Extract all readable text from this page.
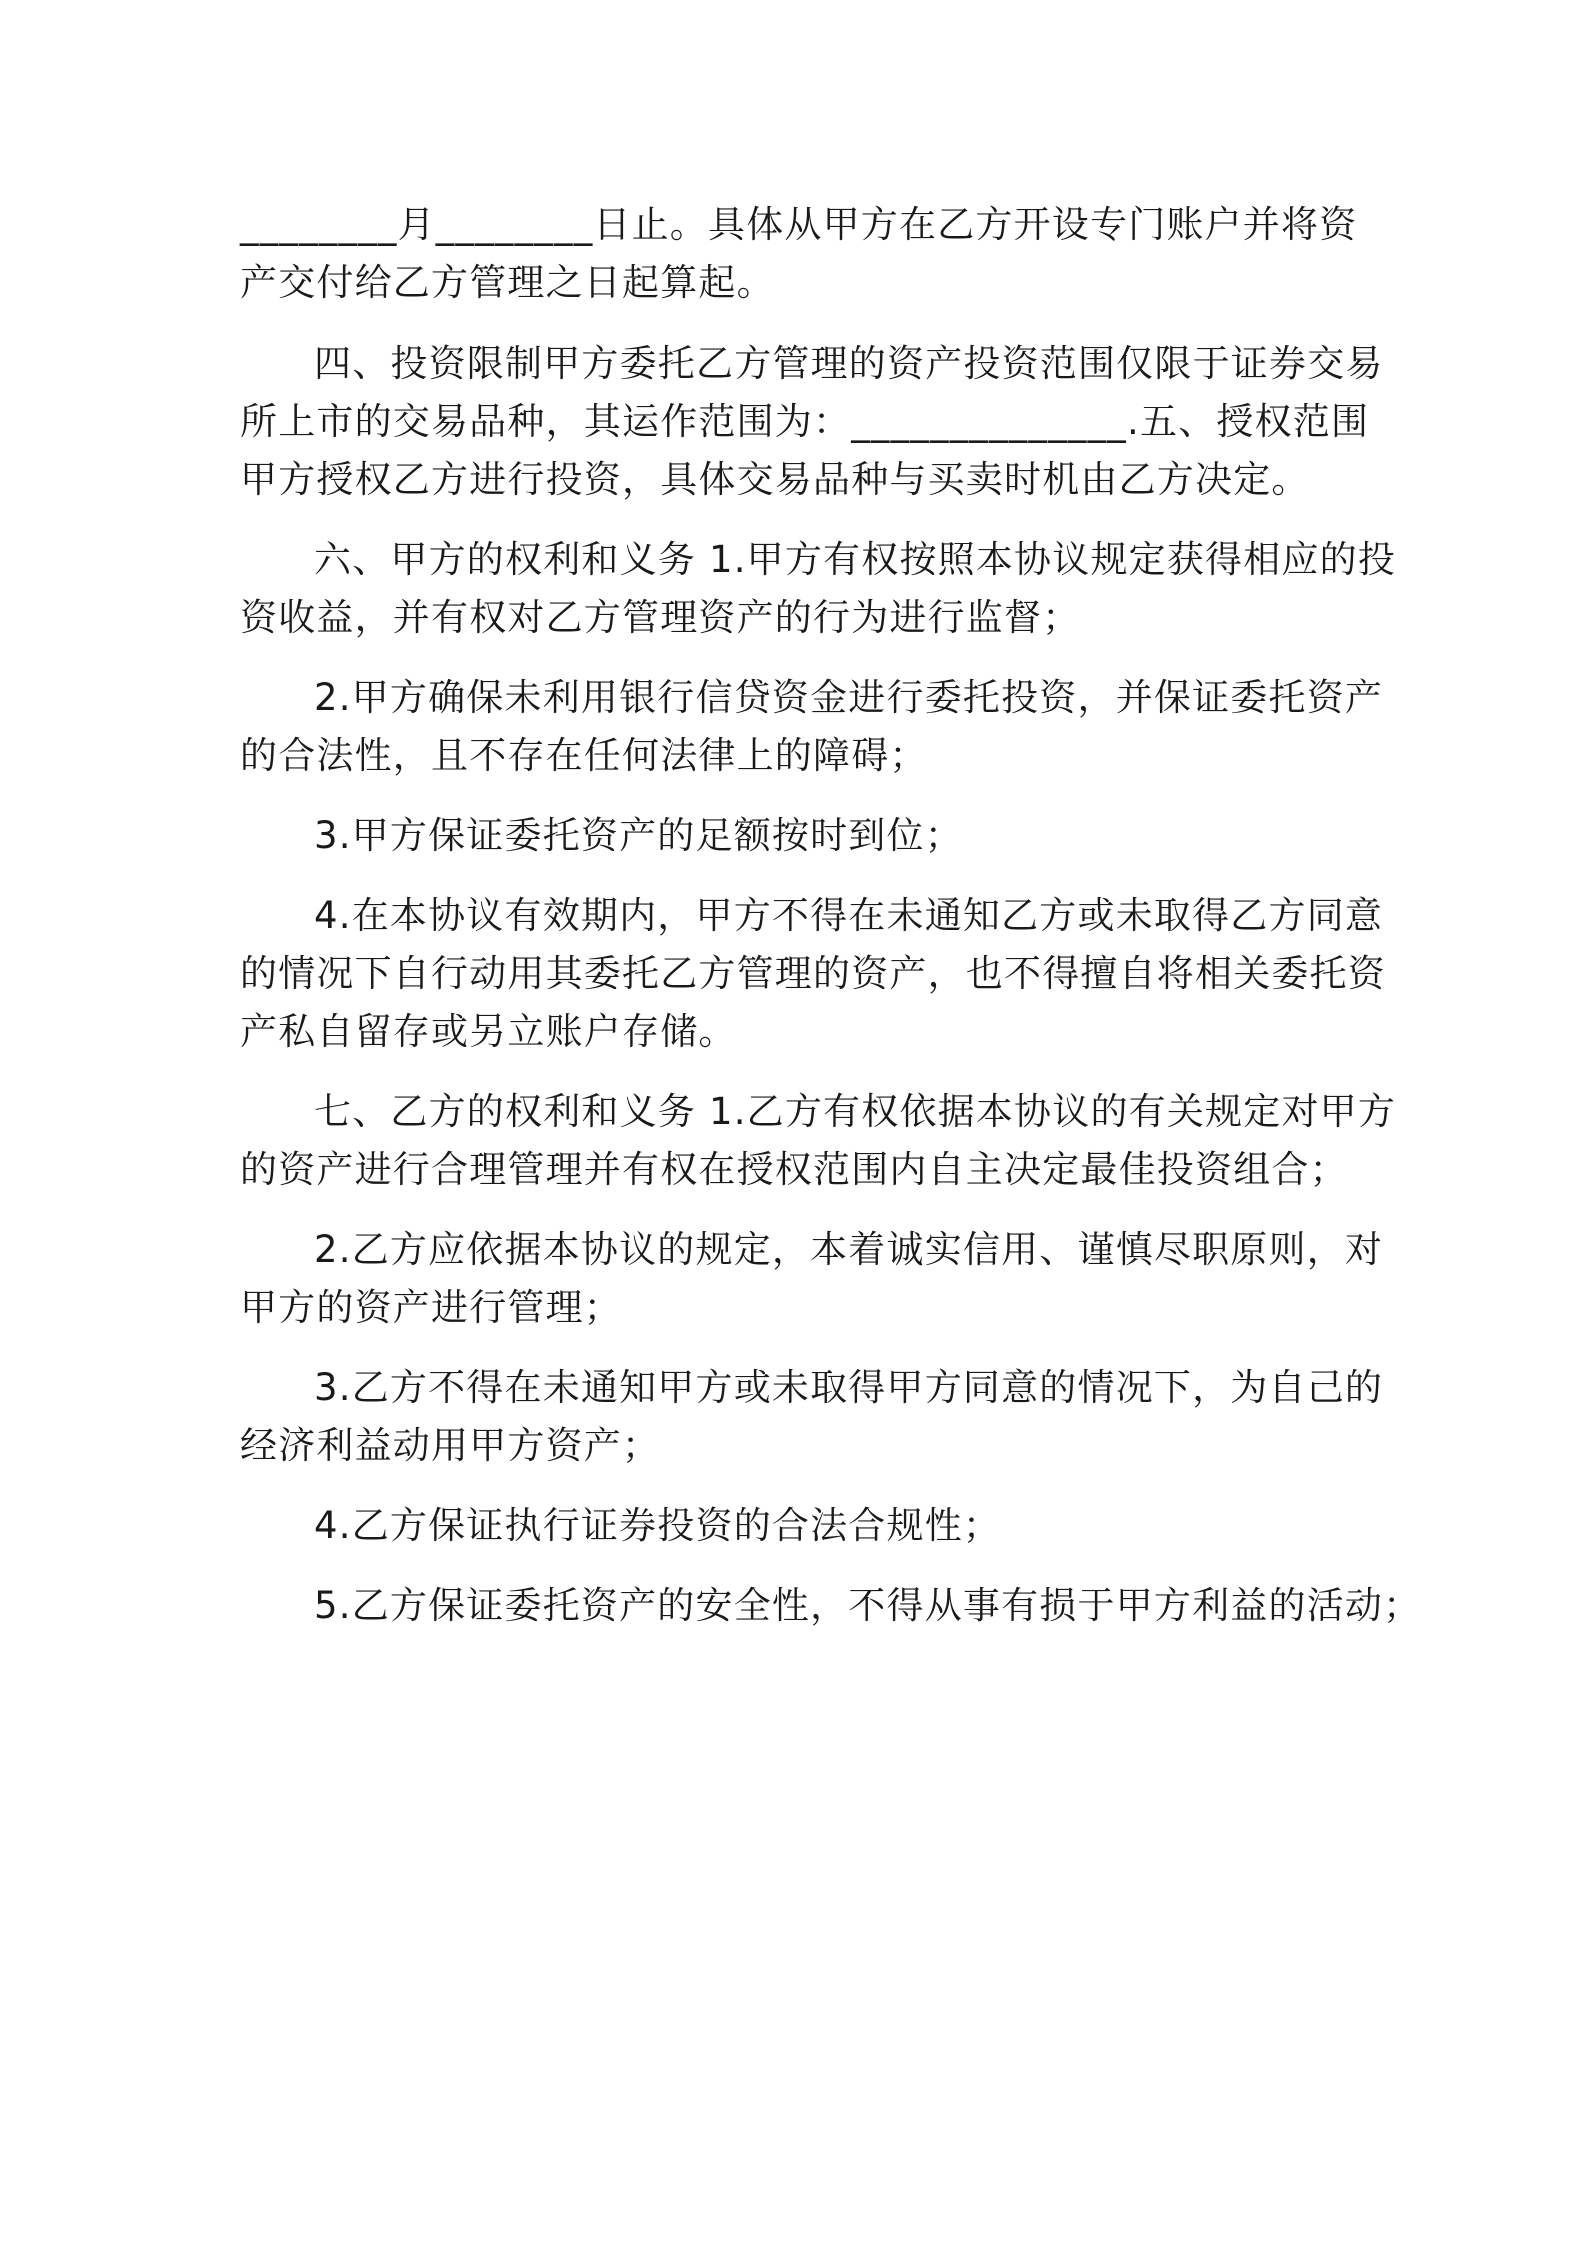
________月________日止。具体从甲方在乙方开设专门账户并将资
产交付给乙方管理之日起算起。
四、投资限制甲方委托乙方管理的资产投资范围仅限于证券交易
所上市的交易品种，其运作范围为：______________.五、授权范围
甲方授权乙方进行投资，具体交易品种与买卖时机由乙方决定。
六、甲方的权利和义务 1.甲方有权按照本协议规定获得相应的投
资收益，并有权对乙方管理资产的行为进行监督；
2.甲方确保未利用银行信贷资金进行委托投资，并保证委托资产
的合法性，且不存在任何法律上的障碍；
3.甲方保证委托资产的足额按时到位；
4.在本协议有效期内，甲方不得在未通知乙方或未取得乙方同意
的情况下自行动用其委托乙方管理的资产，也不得擅自将相关委托资
产私自留存或另立账户存储。
七、乙方的权利和义务 1.乙方有权依据本协议的有关规定对甲方
的资产进行合理管理并有权在授权范围内自主决定最佳投资组合；
2.乙方应依据本协议的规定，本着诚实信用、谨慎尽职原则，对
甲方的资产进行管理；
3.乙方不得在未通知甲方或未取得甲方同意的情况下，为自己的
经济利益动用甲方资产；
4.乙方保证执行证券投资的合法合规性；
5.乙方保证委托资产的安全性，不得从事有损于甲方利益的活动；
